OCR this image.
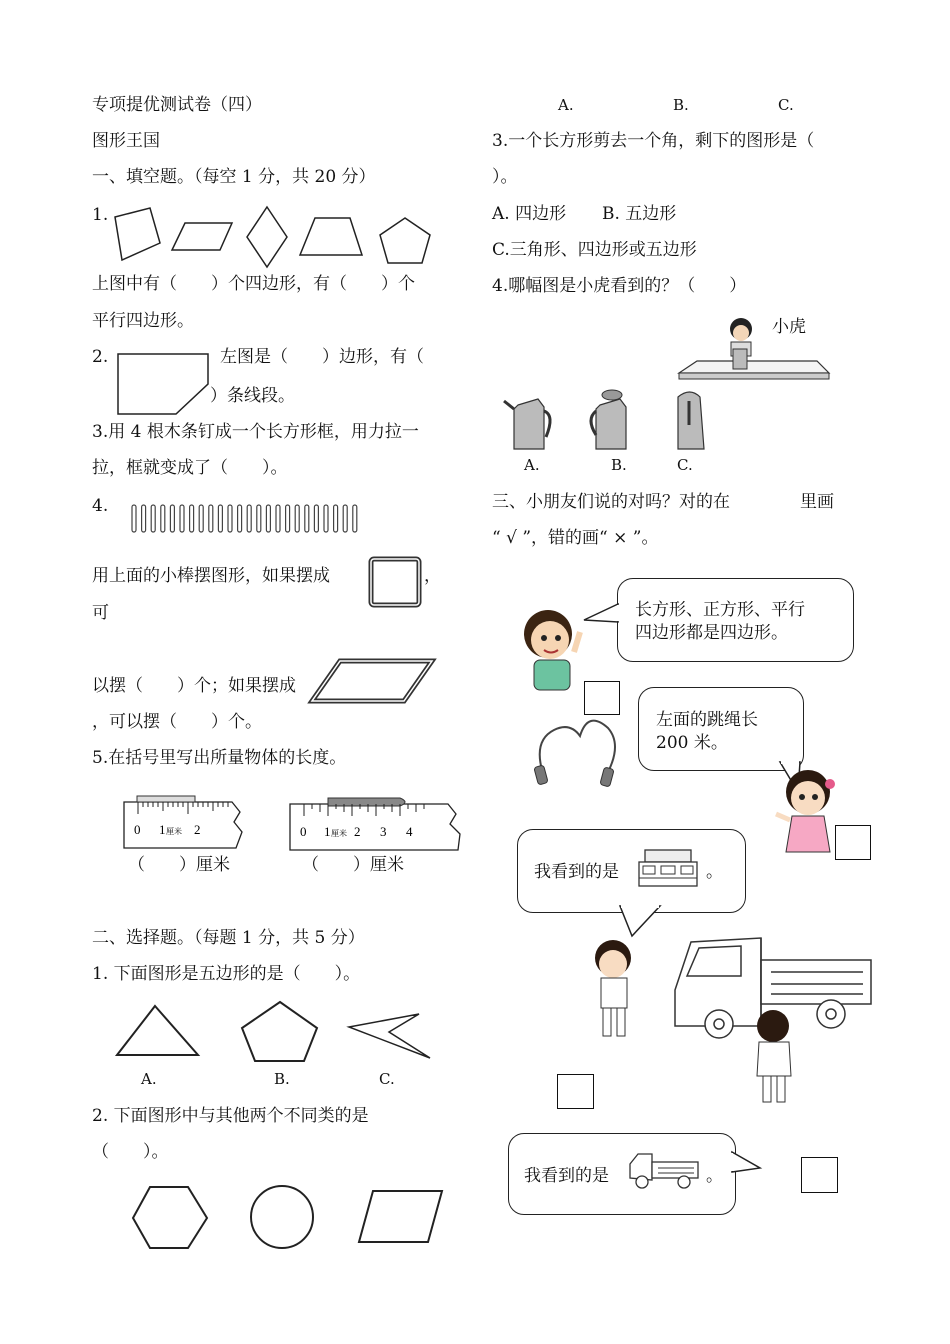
专项提优测试卷（四）
图形王国
一、填空题。（每空 1 分，共 20 分）
1.
上图中有（　　）个四边形，有（　　）个
平行四边形。
2.	左图是（　　）边形，有（
）条线段。
3.用 4 根木条钉成一个长方形框，用力拉一
拉，框就变成了（　　）。
4.
用上面的小棒摆图形，如果摆成	，
可
以摆（　　）个；如果摆成
，可以摆（　　）个。
5.在括号里写出所量物体的长度。
0 1 厘米 2
（　　）厘米
0 1 厘米 2 3 4
（　　）厘米
二、选择题。（每题 1 分，共 5 分）
1. 下面图形是五边形的是（　　）。
A.	B.	C.
2. 下面图形中与其他两个不同类的是
（　　）。
A.	B.	C.
3.一个长方形剪去一个角，剩下的图形是（
）。
A. 四边形 B. 五边形
C.三角形、四边形或五边形
4.哪幅图是小虎看到的？（　　）
小虎
A.	B.	C.
三、小朋友们说的对吗？对的在	里画
“ √ ”，错的画“ × ”。
长方形、正方形、平行
四边形都是四边形。
左面的跳绳长
200 米。
我看到的是	。
我看到的是	。
